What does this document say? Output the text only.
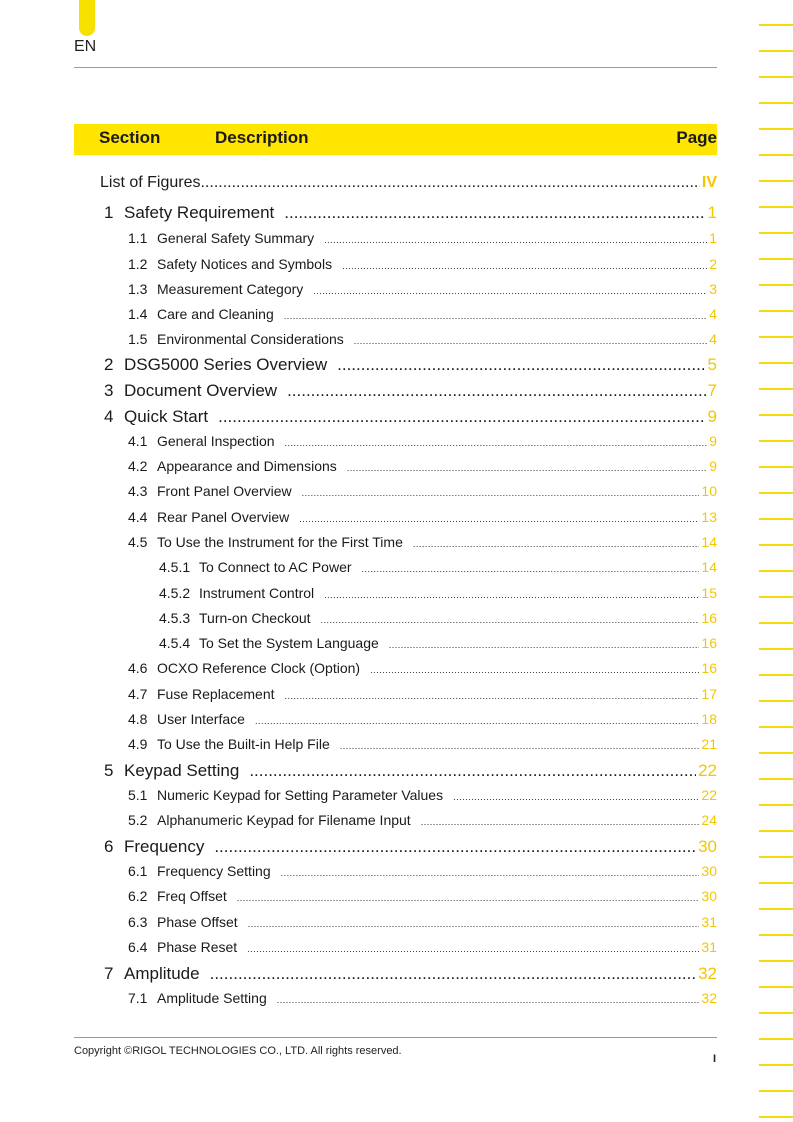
EN
Section	Description	Page
List of Figures .....	IV
1 Safety Requirement .....	1
1.1 General Safety Summary .....	1
1.2 Safety Notices and Symbols .....	2
1.3 Measurement Category .....	3
1.4 Care and Cleaning .....	4
1.5 Environmental Considerations .....	4
2 DSG5000 Series Overview .....	5
3 Document Overview .....	7
4 Quick Start .....	9
4.1 General Inspection .....	9
4.2 Appearance and Dimensions .....	9
4.3 Front Panel Overview .....	10
4.4 Rear Panel Overview .....	13
4.5 To Use the Instrument for the First Time .....	14
4.5.1 To Connect to AC Power .....	14
4.5.2 Instrument Control .....	15
4.5.3 Turn-on Checkout .....	16
4.5.4 To Set the System Language .....	16
4.6 OCXO Reference Clock (Option) .....	16
4.7 Fuse Replacement .....	17
4.8 User Interface .....	18
4.9 To Use the Built-in Help File .....	21
5 Keypad Setting .....	22
5.1 Numeric Keypad for Setting Parameter Values .....	22
5.2 Alphanumeric Keypad for Filename Input .....	24
6 Frequency .....	30
6.1 Frequency Setting .....	30
6.2 Freq Offset .....	30
6.3 Phase Offset .....	31
6.4 Phase Reset .....	31
7 Amplitude .....	32
7.1 Amplitude Setting .....	32
Copyright ©RIGOL TECHNOLOGIES CO., LTD. All rights reserved.
I
